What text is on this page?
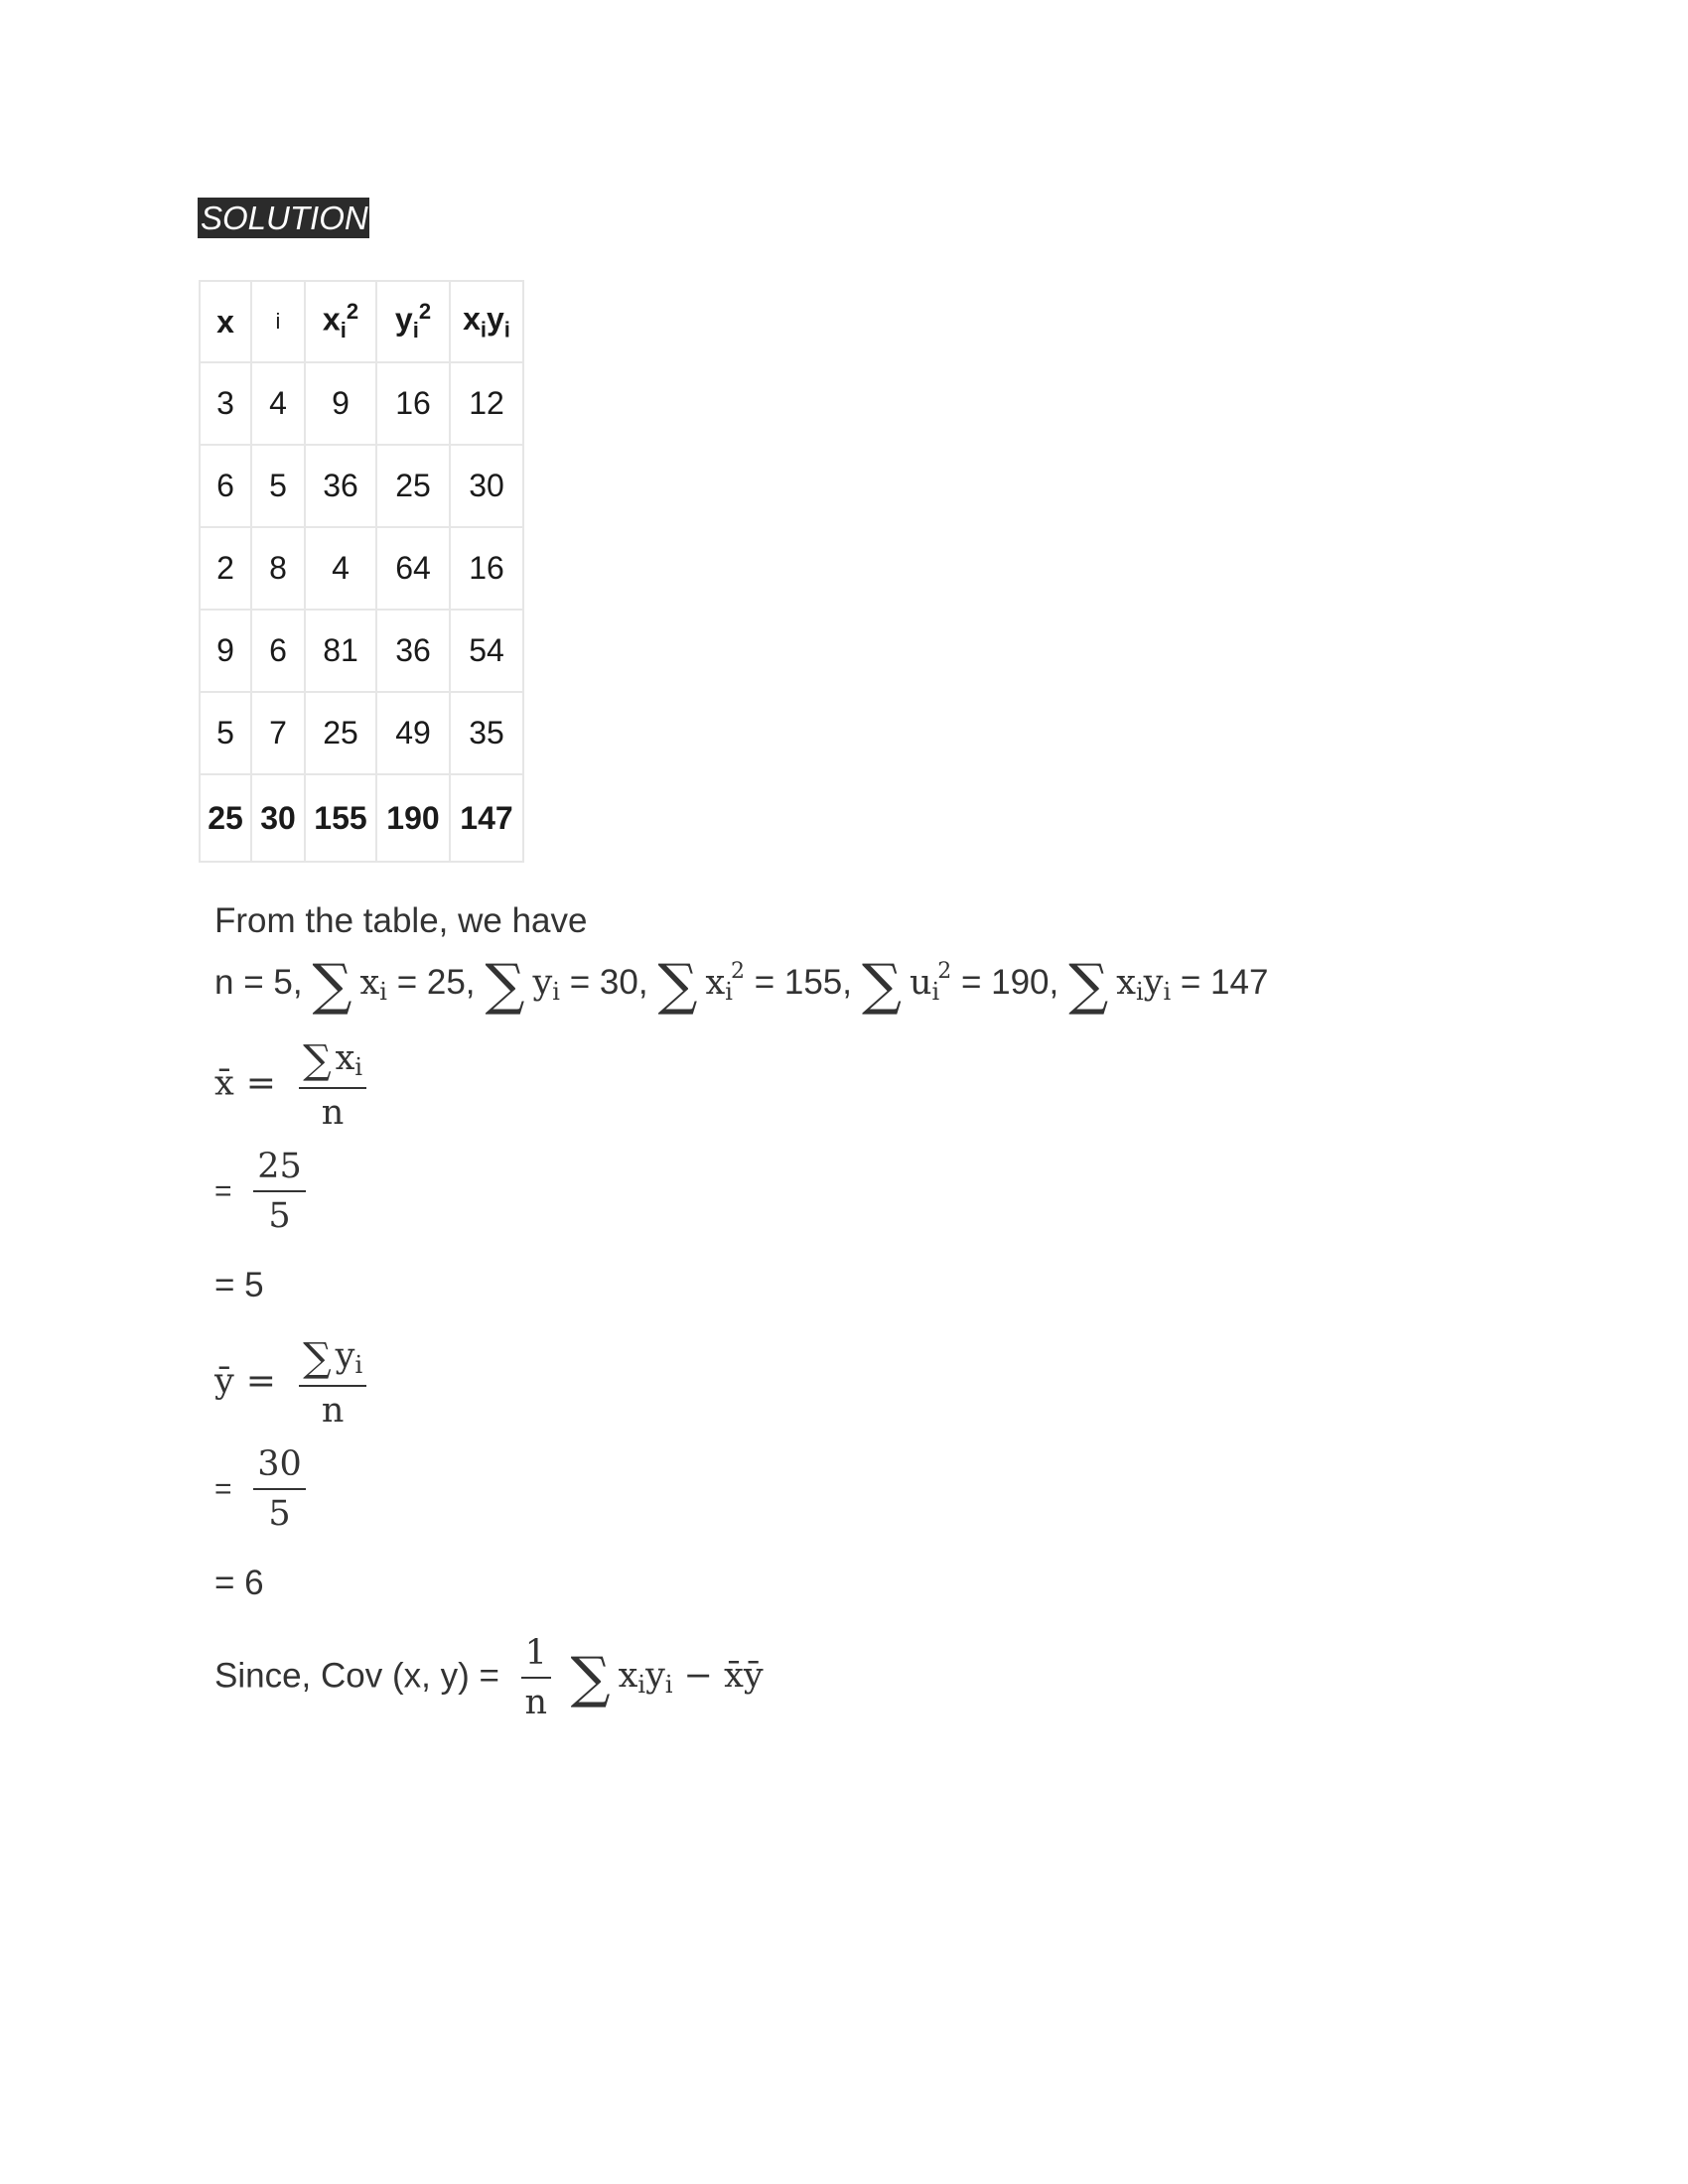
SOLUTION
x	i	$x_i^2$	$y_i^2$	$x_iy_i$
3	4	9	16	12
6	5	36	25	30
2	8	4	64	16
9	6	81	36	54
5	7	25	49	35
25	30	155	190	147
From the table, we have
n = 5, ∑ xi = 25, ∑ yi = 30, ∑ $xi^2 = 155$, ∑ $ui^2 = 190$, ∑ xiyi = 147
x̄ = $\frac{\sum xi}{n}$
= $\frac{25}{5}$
= 5
ȳ = $\frac{\sum yi}{n}$
= $\frac{30}{5}$
= 6
Since, Cov (x, $y) = \frac{1}{n}$ ∑ xiyi − x̄ȳ
